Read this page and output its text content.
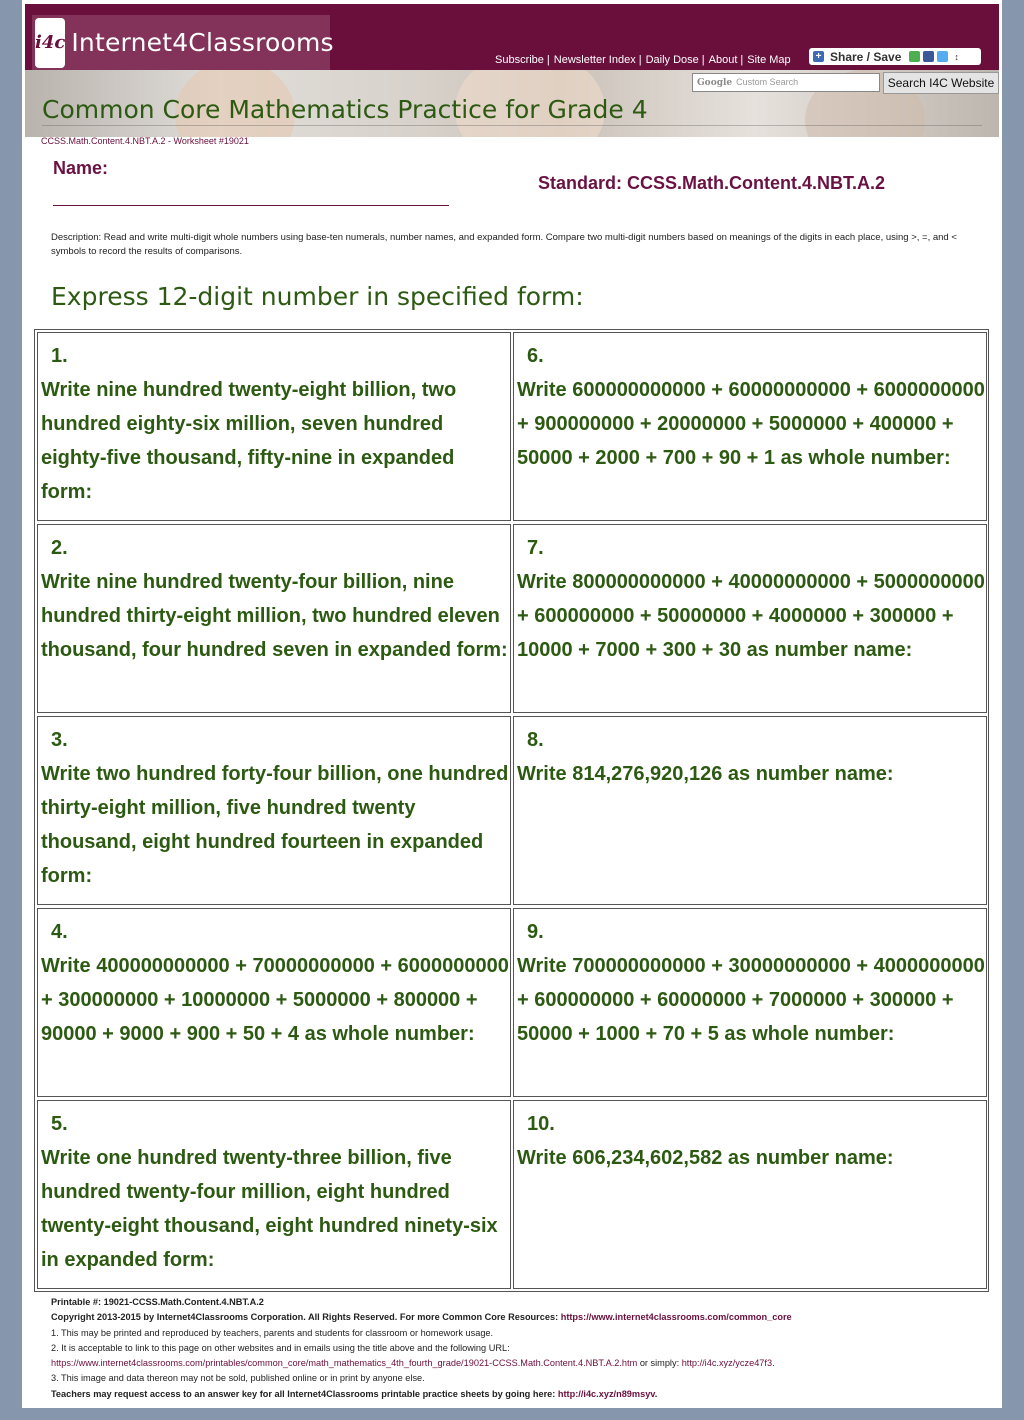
i4c Internet4Classrooms
Subscribe | Newsletter Index | Daily Dose | About | Site Map + Share / Save	↕
Google Custom Search	Search I4C Website
Common Core Mathematics Practice for Grade 4
CCSS.Math.Content.4.NBT.A.2 - Worksheet #19021
Name:
Standard: CCSS.Math.Content.4.NBT.A.2
Description: Read and write multi-digit whole numbers using base-ten numerals, number names, and expanded form. Compare two multi-digit numbers based on meanings of the digits in each place, using >, =, and < symbols to record the results of comparisons.
Express 12-digit number in specified form:
1.
Write nine hundred twenty-eight billion, two hundred eighty-six million, seven hundred eighty-five thousand, fifty-nine in expanded form:
6.
Write 600000000000 + 60000000000 + 6000000000 + 900000000 + 20000000 + 5000000 + 400000 + 50000 + 2000 + 700 + 90 + 1 as whole number:
2.
Write nine hundred twenty-four billion, nine hundred thirty-eight million, two hundred eleven thousand, four hundred seven in expanded form:
7.
Write 800000000000 + 40000000000 + 5000000000 + 600000000 + 50000000 + 4000000 + 300000 + 10000 + 7000 + 300 + 30 as number name:
3.
Write two hundred forty-four billion, one hundred thirty-eight million, five hundred twenty thousand, eight hundred fourteen in expanded form:
8.
Write 814,276,920,126 as number name:
4.
Write 400000000000 + 70000000000 + 6000000000 + 300000000 + 10000000 + 5000000 + 800000 + 90000 + 9000 + 900 + 50 + 4 as whole number:
9.
Write 700000000000 + 30000000000 + 4000000000 + 600000000 + 60000000 + 7000000 + 300000 + 50000 + 1000 + 70 + 5 as whole number:
5.
Write one hundred twenty-three billion, five hundred twenty-four million, eight hundred twenty-eight thousand, eight hundred ninety-six in expanded form:
10.
Write 606,234,602,582 as number name:
Printable #: 19021-CCSS.Math.Content.4.NBT.A.2
Copyright 2013-2015 by Internet4Classrooms Corporation. All Rights Reserved. For more Common Core Resources: https://www.internet4classrooms.com/common_core
1. This may be printed and reproduced by teachers, parents and students for classroom or homework usage.
2. It is acceptable to link to this page on other websites and in emails using the title above and the following URL:
https://www.internet4classrooms.com/printables/common_core/math_mathematics_4th_fourth_grade/19021-CCSS.Math.Content.4.NBT.A.2.htm or simply: http://i4c.xyz/ycze47f3.
3. This image and data thereon may not be sold, published online or in print by anyone else.
Teachers may request access to an answer key for all Internet4Classrooms printable practice sheets by going here: http://i4c.xyz/n89msyv.
